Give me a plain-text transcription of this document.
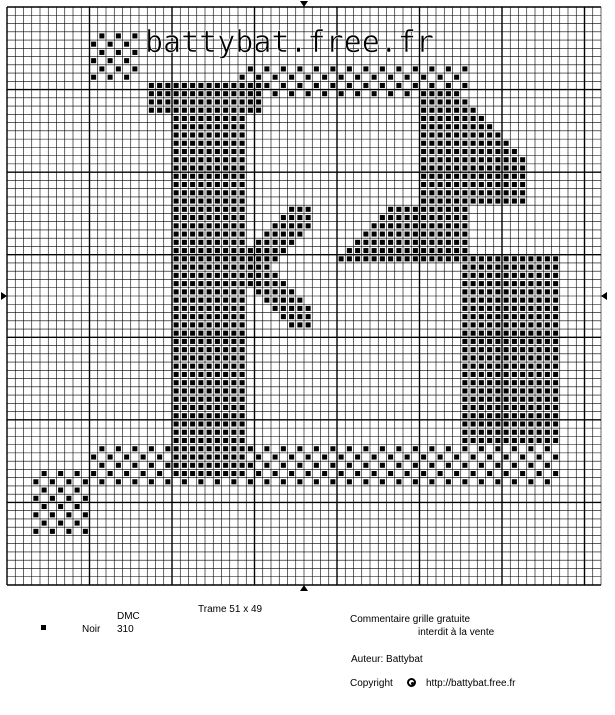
battybat.free.fr
DMC
Noir 310
Trame 51 x 49
Commentaire grille gratuite
interdit à la vente
Auteur: Battybat
Copyright	http://battybat.free.fr
